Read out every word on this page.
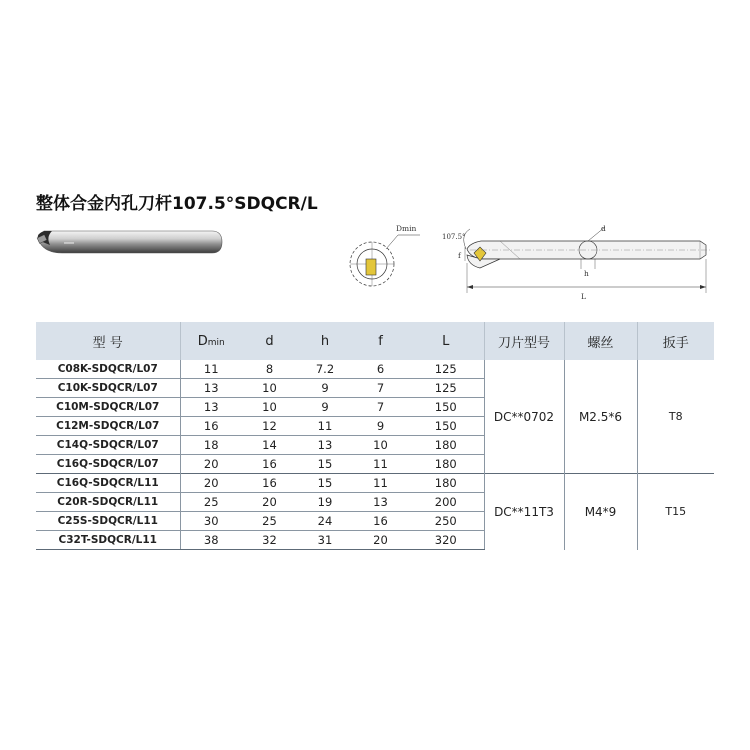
整体合金内孔刀杆107.5°SDQCR/L
Dmin	d
h
107.5°
f
L
型 号	Dmin	d	h	f	L	刀片型号	螺丝	扳手
C08K-SDQCR/L07	11	8	7.2	6	125	DC**0702	M2.5*6	T8
C10K-SDQCR/L07	13	10	9	7	125			
C10M-SDQCR/L07	13	10	9	7	150			
C12M-SDQCR/L07	16	12	11	9	150			
C14Q-SDQCR/L07	18	14	13	10	180			
C16Q-SDQCR/L07	20	16	15	11	180			
C16Q-SDQCR/L11	20	16	15	11	180	DC**11T3	M4*9	T15
C20R-SDQCR/L11	25	20	19	13	200			
C25S-SDQCR/L11	30	25	24	16	250			
C32T-SDQCR/L11	38	32	31	20	320			
